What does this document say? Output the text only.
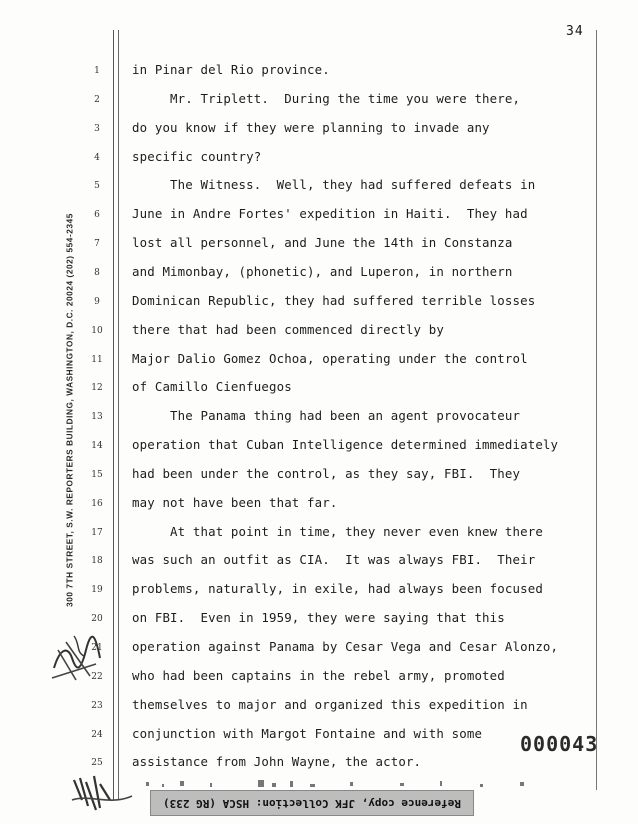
34
300 7TH STREET, S.W. REPORTERS BUILDING, WASHINGTON, D.C. 20024 (202) 554-2345
1
2
3
4
5
6
7
8
9
10
11
12
13
14
15
16
17
18
19
20
21
22
23
24
25
in Pinar del Rio province.
Mr. Triplett.  During the time you were there,
do you know if they were planning to invade any
specific country?
The Witness.  Well, they had suffered defeats in
June in Andre Fortes' expedition in Haiti.  They had
lost all personnel, and June the 14th in Constanza
and Mimonbay, (phonetic), and Luperon, in northern
Dominican Republic, they had suffered terrible losses
there that had been commenced directly by
Major Dalio Gomez Ochoa, operating under the control
of Camillo Cienfuegos
The Panama thing had been an agent provocateur
operation that Cuban Intelligence determined immediately
had been under the control, as they say, FBI.  They
may not have been that far.
At that point in time, they never even knew there
was such an outfit as CIA.  It was always FBI.  Their
problems, naturally, in exile, had always been focused
on FBI.  Even in 1959, they were saying that this
operation against Panama by Cesar Vega and Cesar Alonzo,
who had been captains in the rebel army, promoted
themselves to major and organized this expedition in
conjunction with Margot Fontaine and with some
assistance from John Wayne, the actor.
000043
Reference copy, JFK Collection: HSCA (RG 233)
